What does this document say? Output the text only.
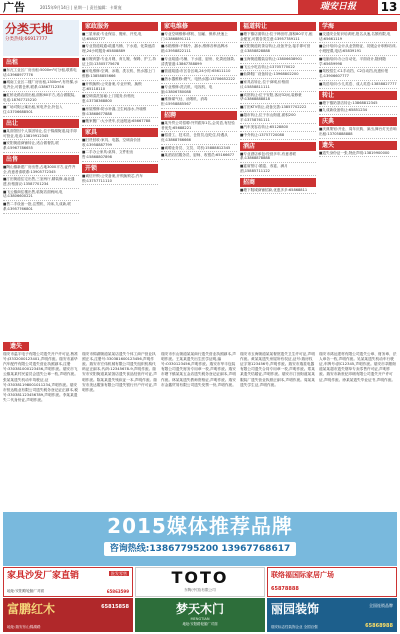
广告	2015年9月14日 | 星期一 | 责任编辑：卡斯庞	瑞安日报	13
分类天地
分类热线:66917777
出租
■东瓦工业区厂房出租:5000m²可分租,联系电话:13968977776
■城南工业区二楼厂房出租,1300m²,有货梯,水电齐全,可做仓库,联系:13867712356
■虹桥北路店面出租,面积60平方,适合做服装,电话:18767715210
■广场对街公寓出租,家电齐全,拎包入住:13706688501
出让
■某面馆因个人原因转让,位于锦湖街道,接手即可营业,电话:13819912345
■安阳街道商铺转让,适合做餐饮,联系:15967786655
出售
■陶山镇新建厂房出售,占地3000平方,证件齐全,有意者请联系:13905772345
■汀田街道住宅出售,三室两厅,精装修,南北通透,价格面议:13587701234
■飞云镇商住楼出售,临街店面两间,电话:13806600221
■售二手设备一批,注塑机、冲床,九成新,联系:13957766801
家政服务
■三星家政:专业保洁、搬家、开荒,电话:65802777
■专业管道疏通:疏通马桶、下水道、化粪池清理,24小时服务:65808889
■月嫂育婴:专业月嫂、育儿嫂、保姆、护工,持证上岗:13505775678
■家电维修:空调、冰箱、洗衣机、热水器上门维修:13858855666
■开锁换锁:公安备案,专业开锁、换锁芯:65118110
■空调清洗加氟:上门服务,价格优惠:13738368800
■房屋维修:防水补漏,卫生间渗水,外墙维修:13868677888
■搬家搬厂:大小货车,长途短途:65667788
家具
■旧货回收:家具、电器、空调高价回收:13958887799
■二手办公家具:桌椅、文件柜出售:15868807898
开锁
■诚信开锁:公安备案,开锁换锁芯,汽车锁:13757711110
家电维修
■专业空调维修:移机、加氟、保养,快速上门:13868891111
■冰箱维修:不制冷、漏水,维修各种品牌冰箱:13958822111
■专业疏通:马桶、下水道、厨房、化粪池抽粪,清洗管道:13867788899
■管道疏通:市区各区域,24小时:65611110
■热水器维修:燃气、电热水器:13706652222
■专业维修:洗衣机、电视机、电脑:13806780088
■维修煤气灶、油烟机、消毒柜:15958885567
招聘
■某外贸公司招聘:外贸跟单1名,会英语,有经验者优先:65688221
■招普工、技术员、仓管员,包吃住,待遇从优:13868766666
■诚聘业务员、文员、司机:15888812345
■某酒店招服务员、厨师、收银员:65166677
福道转让
■塘下镇店面转让:位于韩田村,面积80平方,租金便宜,可做各类生意:13957789111
■安阳街道奶茶店转让,设备齐全,接手即可营业:13858828888
■玉海街道服装店转让:13806638901
■飞云小吃店转让:13705770022
■仙降鞋厂设备转让:13968802200
■家具店转让,位于商城,价格面议:15858811111
■宾馆转让:位于安阳,客房32间,装修豪华:13868888818
■汀田KTV转让,设备完善:13857702222
■超市转让,位于东山街道,面积200平:13758761111
■汽车美容店转让:65128800
■中介转让:13757720088
酒店
■专业酒店承包:经营多年,有意者联系:13868878888
■宴席预订:婚宴、寿宴、满月酒,15885711122
招商
■塘下鞋城商铺招商,优惠多多:65868811
学海
■交通安全知识培训班,报名从速,名额有限,电话:65661119
■会计培训:会计从业资格证、初级会计职称培训,小班授课,电话:65839191
■电脑培训:办公自动化、平面设计,随到随学:65659998
■驾校招生:C1手动挡、C2自动挡,优惠价报名:13906607777
■英语培训:少儿英语、成人英语:13858827777
转让
■塘下镇奶茶店转让:13868812345
■九成新设备转让:65851234
庆典
■庆典策划:开业、周年庆典、演出,舞台灯光音响出租:13705888888
遗失
■遗失身份证一张,特此声明:13819900000
遗失
瑞安市温宇电子有限公司遗失开户许可证,核准号:J3332000123401,声明作废。瑞安市嘉华汽车配件有限公司遗失营业执照副本,注册号:330381000123456,声明作废。瑞安市飞云镇某某村民委员会遗失公章一枚,声明作废。张某某遗失机动车驾驶证,证号:330381198001011234,声明作废。瑞安市恒达鞋业有限公司遗失税务登记证正副本,税号:330381123456789,声明作废。李某某遗失二代身份证,声明作废。
瑞安市锦湖街道某某店遗失个体工商户营业执照正本,注册号:330381600123456,声明作废。瑞安市宏伟机械有限公司遗失组织机构代码证正副本,代码:12345678-9,声明作废。瑞安市安阳街道某某饭店遗失食品经营许可证,声明作废。陈某某遗失残疾证一本,声明作废。瑞安市美达服饰有限公司遗失银行开户许可证,声明作废。
瑞安市东山街道某某商行遗失营业执照副本,声明作废。王某某遗失出生医学证明,编号:O330123456,声明作废。瑞安市华丰包装有限公司遗失财务专用章一枚,声明作废。瑞安市塘下镇某某五金店遗失税务登记证副本,声明作废。林某某遗失教师资格证,声明作废。瑞安市金鑫贸易有限公司遗失发票一份,声明作废。
瑞安市玉海街道某某餐馆遗失卫生许可证,声明作废。黄某某遗失房屋所有权证,证号:瑞房权证字第123456号,声明作废。瑞安市瑞星电器有限公司遗失合同专用章一枚,声明作废。郑某某遗失结婚证,声明作废。瑞安市汀田街道某某服装厂遗失营业执照正副本,声明作废。周某某遗失学生证,声明作废。
瑞安市鸿达建材有限公司遗失公章、财务章、法人章各一枚,声明作废。吴某某遗失机动车行驶证,车牌号:浙C12345,声明作废。瑞安市莘塍街道某某超市遗失烟草专卖零售许可证,声明作废。瑞安市新世纪印刷有限公司遗失开户许可证,声明作废。徐某某遗失毕业证书,声明作废。
2015媒体推荐品牌
咨询热线:13867795200 13967768617
家具沙发厂家直销	批发零售
地址:安阳路轮胎厂对面	65863599
TOTO
东陶(中国)有限公司
联络福国际家居广场
65878888
富鹏红木
地址:瑞安东山锦湖路
65815858	梦天木门
MENGTIAN
地址:安阳路轮胎厂对面
丽园装饰	全国连锁品牌
瑞安标志性装饰企业 全国百强	65868988
